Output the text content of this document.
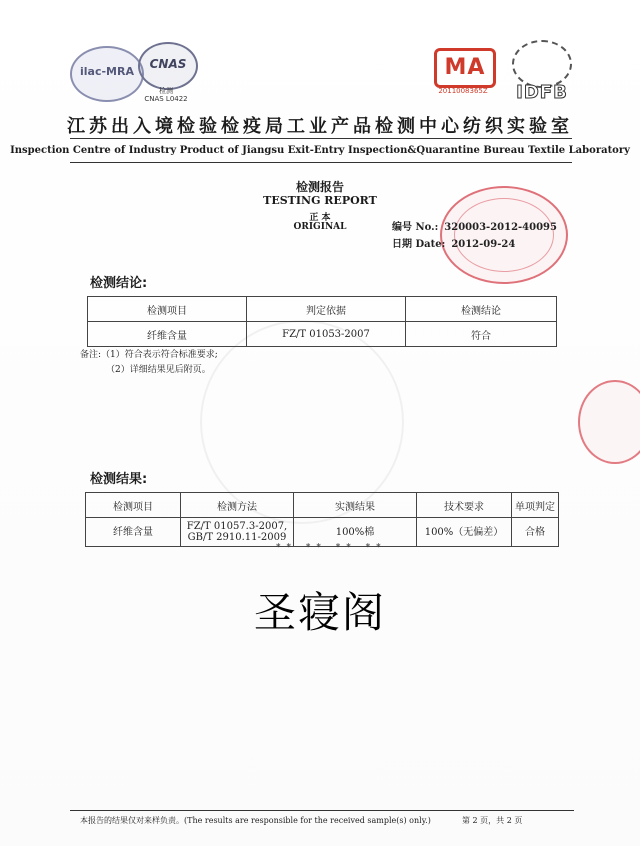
ilac-MRA
CNAS
检测
CNAS L0422
MA
2011008365Z	IDFB
江苏出入境检验检疫局工业产品检测中心纺织实验室
Inspection Centre of Industry Product of Jiangsu Exit-Entry Inspection&Quarantine Bureau Textile Laboratory
检测报告
TESTING REPORT
正 本
ORIGINAL	编号 No.: 320003-2012-40095
日期 Date: 2012-09-24
检测结论:
检测项目	判定依据	检测结论
纤维含量	FZ/T 01053-2007	符合
备注:（1）符合表示符合标准要求;
（2）详细结果见后附页。
检测结果:
检测项目	检测方法	实测结果	技术要求	单项判定
纤维含量	FZ/T 01057.3-2007,
GB/T 2910.11-2009	100%棉	100%（无偏差）	合格
** ** ** **
圣寝阁
本报告的结果仅对来样负责。(The results are responsible for the received sample(s) only.)	第 2 页，共 2 页
